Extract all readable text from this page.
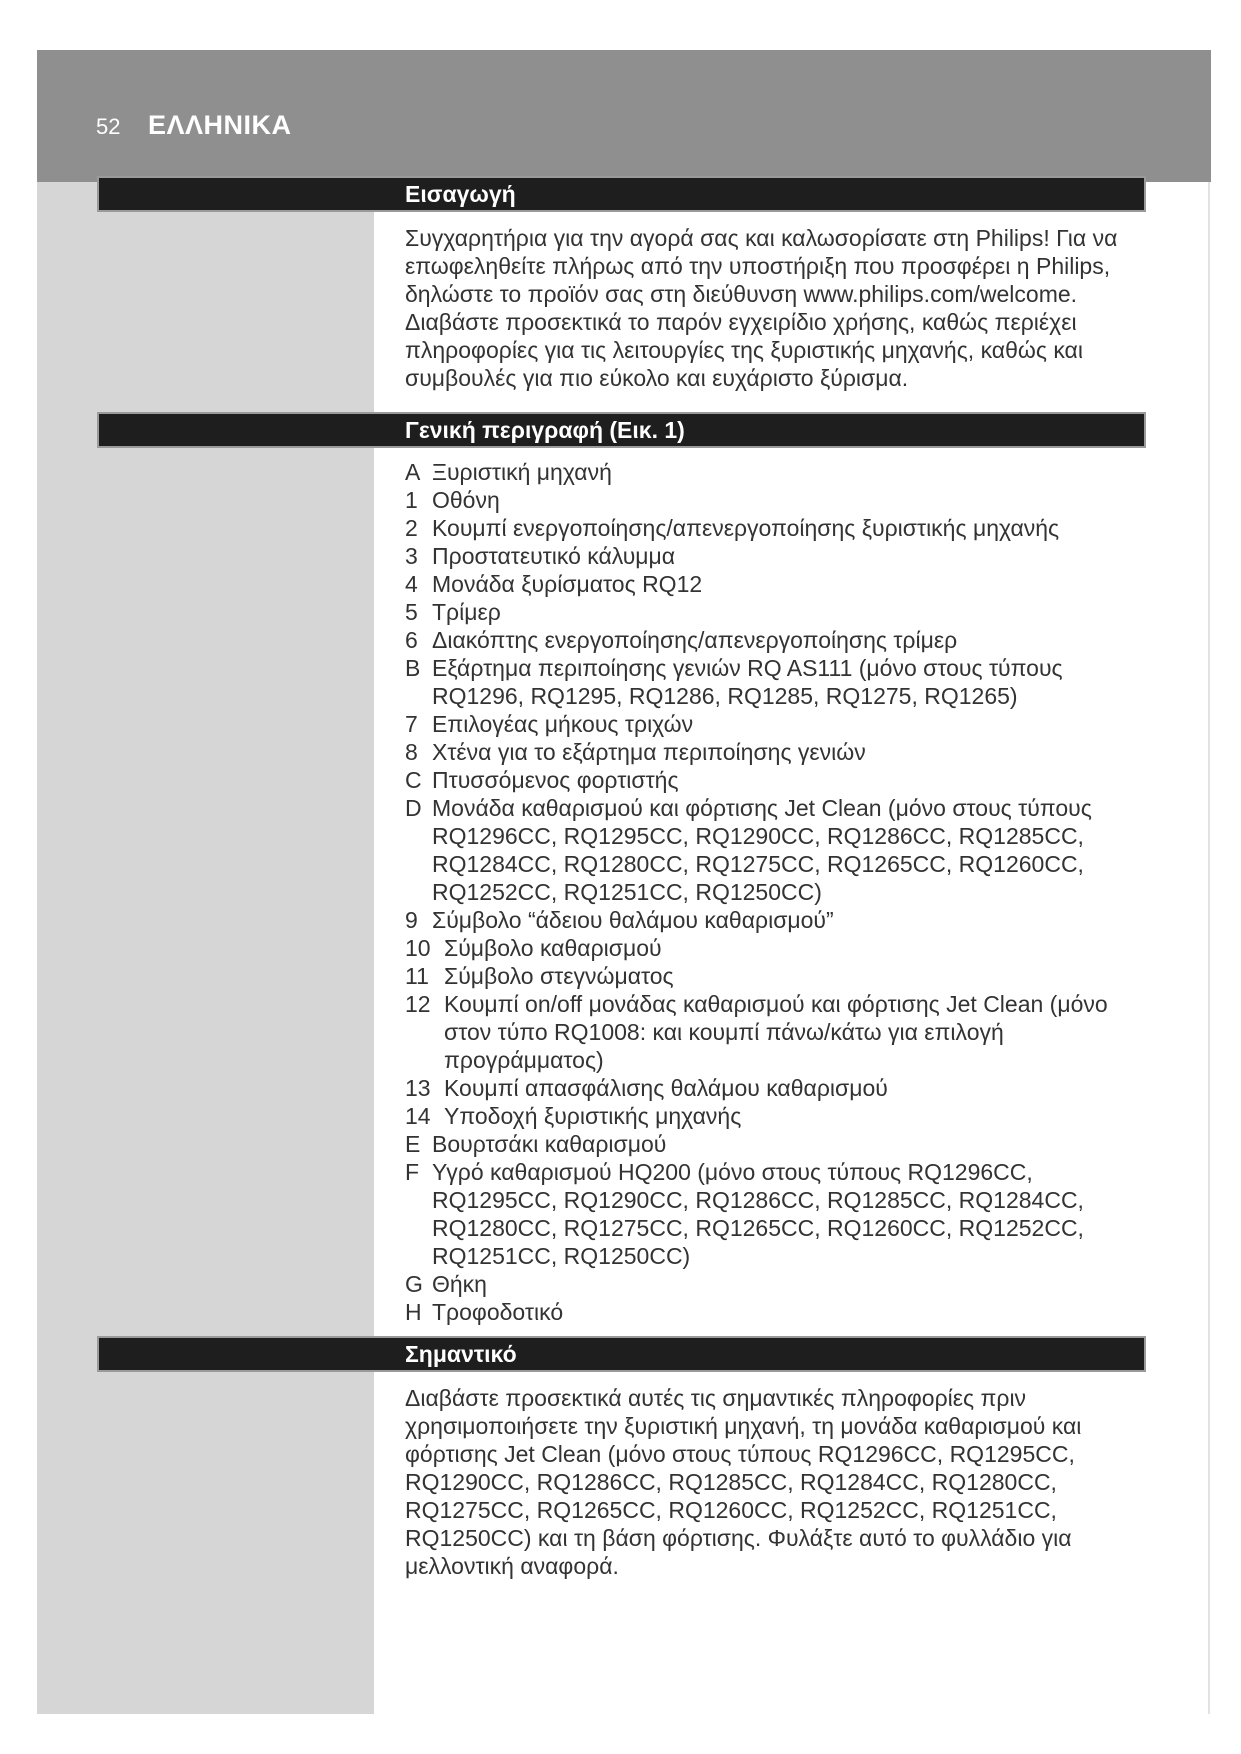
52 ΕΛΛΗΝΙΚΑ
Εισαγωγή

Συγχαρητήρια για την αγορά σας και καλωσορίσατε στη Philips! Για να επωφεληθείτε πλήρως από την υποστήριξη που προσφέρει η Philips, δηλώστε το προϊόν σας στη διεύθυνση www.philips.com/welcome. Διαβάστε προσεκτικά το παρόν εγχειρίδιο χρήσης, καθώς περιέχει πληροφορίες για τις λειτουργίες της ξυριστικής μηχανής, καθώς και συμβουλές για πιο εύκολο και ευχάριστο ξύρισμα.

Γενική περιγραφή (Εικ. 1)
A Ξυριστική μηχανή
1 Οθόνη
2 Κουμπί ενεργοποίησης/απενεργοποίησης ξυριστικής μηχανής
3 Προστατευτικό κάλυμμα
4 Μονάδα ξυρίσματος RQ12
5 Τρίμερ
6 Διακόπτης ενεργοποίησης/απενεργοποίησης τρίμερ
B Εξάρτημα περιποίησης γενιών RQ AS111 (μόνο στους τύπους RQ1296, RQ1295, RQ1286, RQ1285, RQ1275, RQ1265)
7 Επιλογέας μήκους τριχών
8 Χτένα για το εξάρτημα περιποίησης γενιών
C Πτυσσόμενος φορτιστής
D Μονάδα καθαρισμού και φόρτισης Jet Clean (μόνο στους τύπους RQ1296CC, RQ1295CC, RQ1290CC, RQ1286CC, RQ1285CC, RQ1284CC, RQ1280CC, RQ1275CC, RQ1265CC, RQ1260CC, RQ1252CC, RQ1251CC, RQ1250CC)
9 Σύμβολο “άδειου θαλάμου καθαρισμού”
10 Σύμβολο καθαρισμού
11 Σύμβολο στεγνώματος
12 Κουμπί on/off μονάδας καθαρισμού και φόρτισης Jet Clean (μόνο στον τύπο RQ1008: και κουμπί πάνω/κάτω για επιλογή προγράμματος)
13 Κουμπί απασφάλισης θαλάμου καθαρισμού
14 Υποδοχή ξυριστικής μηχανής
E Βουρτσάκι καθαρισμού
F Υγρό καθαρισμού HQ200 (μόνο στους τύπους RQ1296CC, RQ1295CC, RQ1290CC, RQ1286CC, RQ1285CC, RQ1284CC, RQ1280CC, RQ1275CC, RQ1265CC, RQ1260CC, RQ1252CC, RQ1251CC, RQ1250CC)
G Θήκη
H Τροφοδοτικό
Σημαντικό

Διαβάστε προσεκτικά αυτές τις σημαντικές πληροφορίες πριν χρησιμοποιήσετε την ξυριστική μηχανή, τη μονάδα καθαρισμού και φόρτισης Jet Clean (μόνο στους τύπους RQ1296CC, RQ1295CC, RQ1290CC, RQ1286CC, RQ1285CC, RQ1284CC, RQ1280CC, RQ1275CC, RQ1265CC, RQ1260CC, RQ1252CC, RQ1251CC, RQ1250CC) και τη βάση φόρτισης. Φυλάξτε αυτό το φυλλάδιο για μελλοντική αναφορά.
